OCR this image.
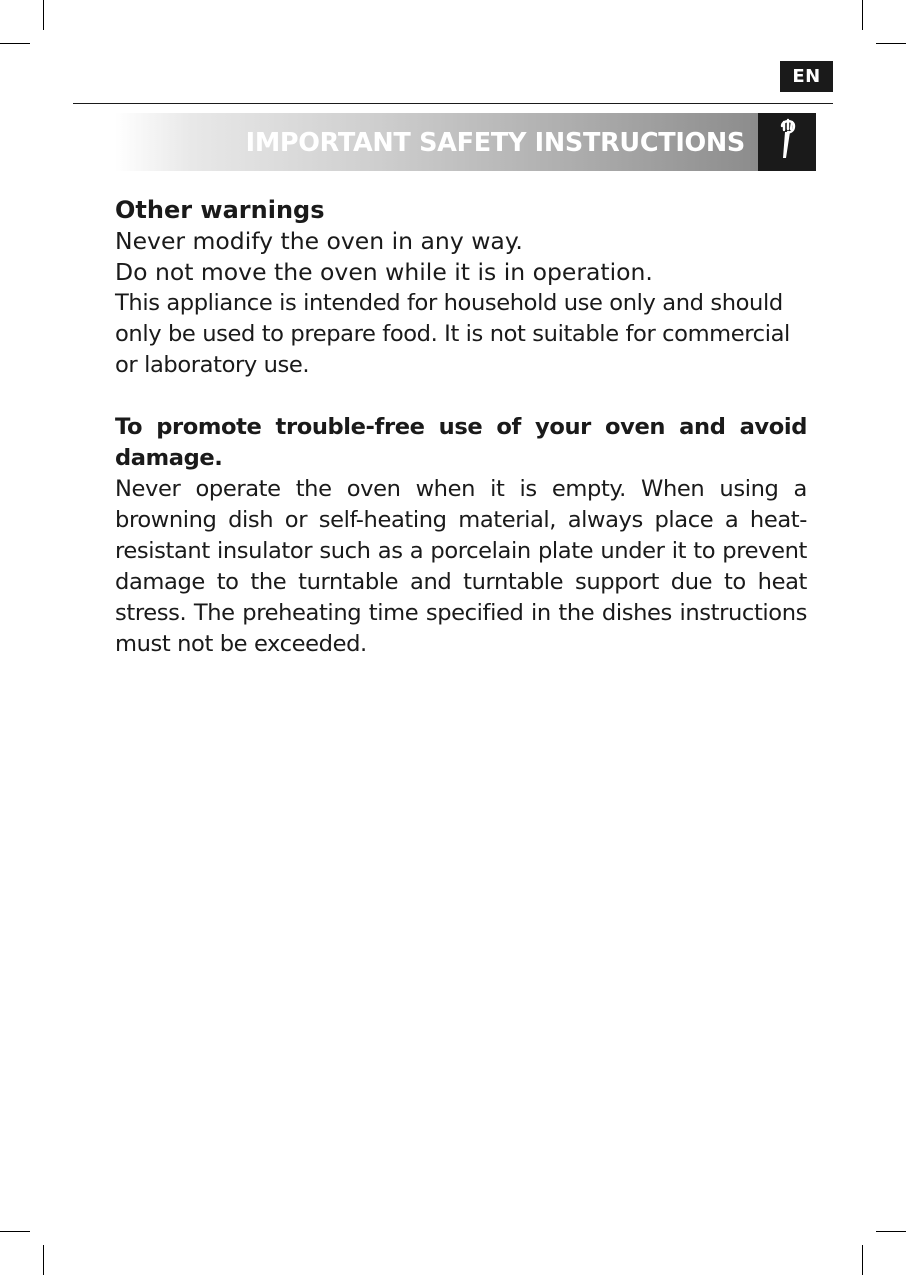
EN
IMPORTANT SAFETY INSTRUCTIONS

Other warnings

Never modify the oven in any way.

Do not move the oven while it is in operation.

This appliance is intended for household use only and should only be used to prepare food. It is not suitable for commercial or laboratory use.

To promote trouble-free use of your oven and avoid damage.

Never operate the oven when it is empty. When using a browning dish or self-heating material, always place a heat-resistant insulator such as a porcelain plate under it to prevent damage to the turntable and turntable support due to heat stress. The preheating time specified in the dishes instructions must not be exceeded.
